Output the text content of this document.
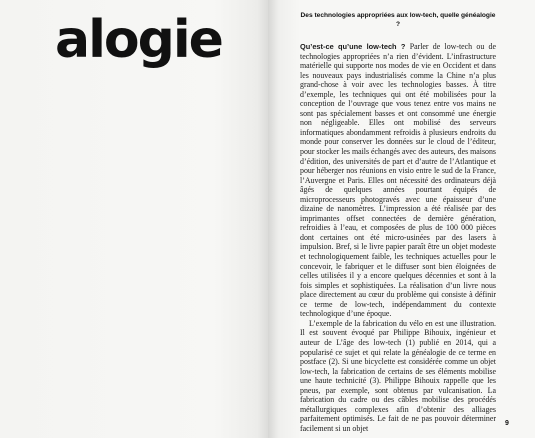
alogie	Des technologies appropriées aux low-tech, quelle généalogie ?

Qu’est-ce qu’une low-tech ? Parler de low-tech ou de technologies appropriées n’a rien d’évident. L’infrastructure matérielle qui supporte nos modes de vie en Occident et dans les nouveaux pays industrialisés comme la Chine n’a plus grand-chose à voir avec les technologies basses. À titre d’exemple, les techniques qui ont été mobilisées pour la conception de l’ouvrage que vous tenez entre vos mains ne sont pas spécialement basses et ont consommé une énergie non négligeable. Elles ont mobilisé des serveurs informatiques abondamment refroidis à plusieurs endroits du monde pour conserver les données sur le cloud de l’éditeur, pour stocker les mails échangés avec des auteurs, des maisons d’édition, des universités de part et d’autre de l’Atlantique et pour héberger nos réunions en visio entre le sud de la France, l’Auvergne et Paris. Elles ont nécessité des ordinateurs déjà âgés de quelques années pourtant équipés de microprocesseurs photogravés avec une épaisseur d’une dizaine de nanomètres. L’impression a été réalisée par des imprimantes offset connectées de dernière génération, refroidies à l’eau, et composées de plus de 100 000 pièces dont certaines ont été micro-usinées par des lasers à impulsion. Bref, si le livre papier paraît être un objet modeste et technologiquement faible, les techniques actuelles pour le concevoir, le fabriquer et le diffuser sont bien éloignées de celles utilisées il y a encore quelques décennies et sont à la fois simples et sophistiquées. La réalisation d’un livre nous place directement au cœur du problème qui consiste à définir ce terme de low-tech, indépendamment du contexte technologique d’une époque.

L’exemple de la fabrication du vélo en est une illustration. Il est souvent évoqué par Philippe Bihouix, ingénieur et auteur de L’âge des low-tech (1) publié en 2014, qui a popularisé ce sujet et qui relate la généalogie de ce terme en postface (2). Si une bicyclette est considérée comme un objet low-tech, la fabrication de certains de ses éléments mobilise une haute technicité (3). Philippe Bihouix rappelle que les pneus, par exemple, sont obtenus par vulcanisation. La fabrication du cadre ou des câbles mobilise des procédés métallurgiques complexes afin d’obtenir des alliages parfaitement optimisés. Le fait de ne pas pouvoir déterminer facilement si un objet

9
